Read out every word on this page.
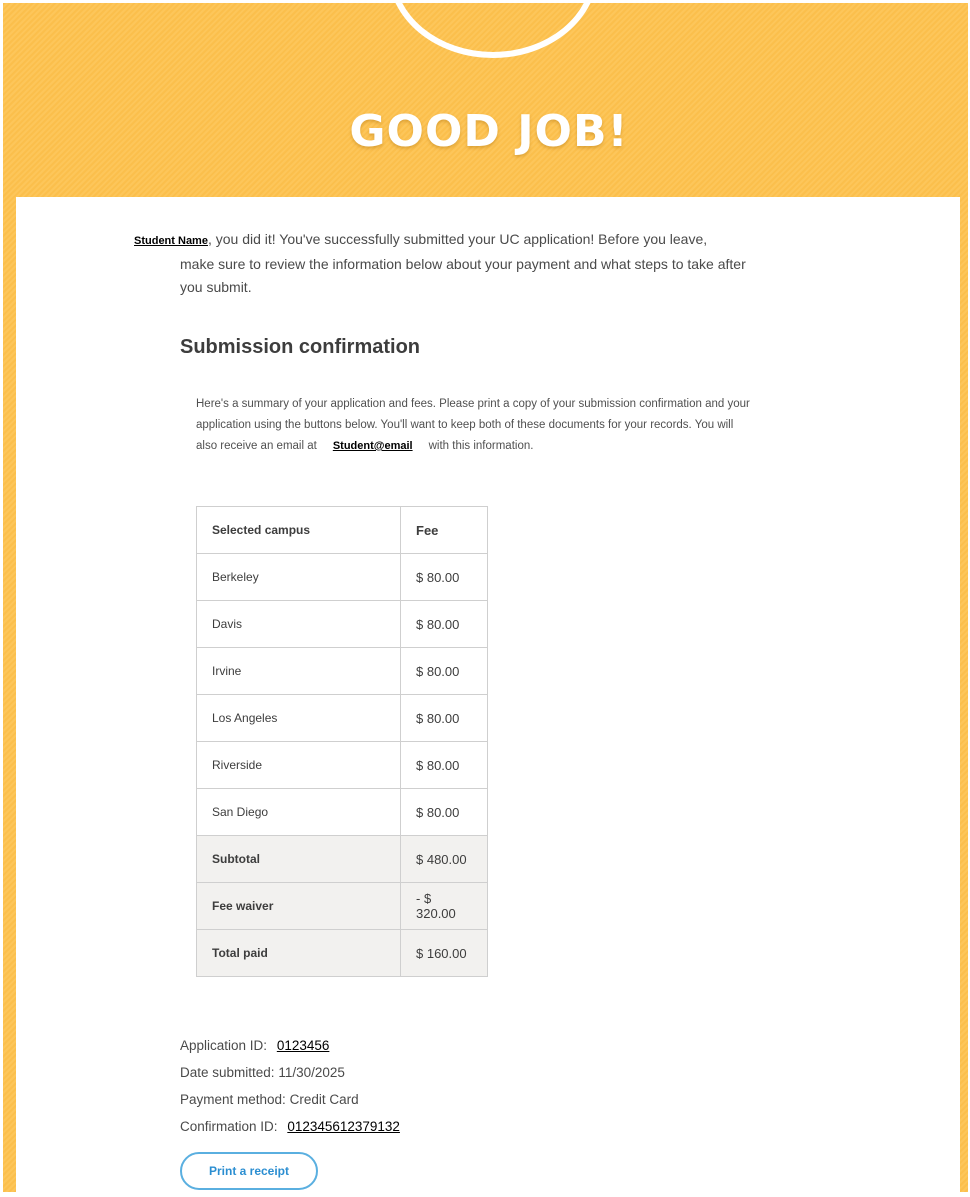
GOOD JOB!
Student Name, you did it! You've successfully submitted your UC application! Before you leave,
make sure to review the information below about your payment and what steps to take after you submit.
Submission confirmation
Here's a summary of your application and fees. Please print a copy of your submission confirmation and your application using the buttons below. You'll want to keep both of these documents for your records. You will also receive an email at Student@email with this information.
Selected campus	Fee
Berkeley	$ 80.00
Davis	$ 80.00
Irvine	$ 80.00
Los Angeles	$ 80.00
Riverside	$ 80.00
San Diego	$ 80.00
Subtotal	$ 480.00
Fee waiver	- $ 320.00
Total paid	$ 160.00
Application ID: 0123456
Date submitted: 11/30/2025
Payment method: Credit Card
Confirmation ID: 012345612379132
Print a receipt
